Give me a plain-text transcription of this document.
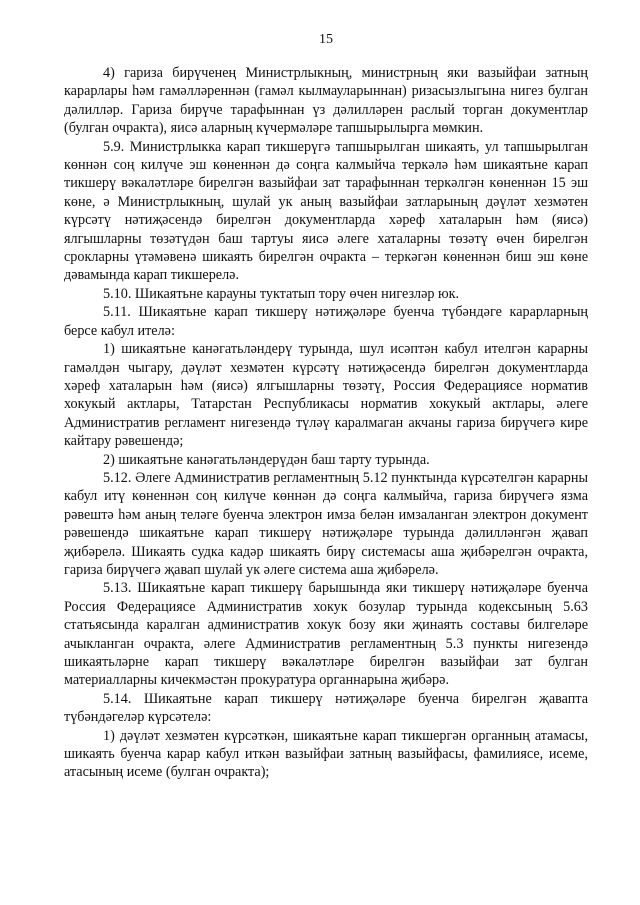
15

4) гариза бирүченең Министрлыкның, министрның яки вазыйфаи затның карарлары һәм гамәлләреннән (гамәл кылмауларыннан) ризасызлыгына нигез булган дәлилләр. Гариза бирүче тарафыннан үз дәлилләрен раслый торган документлар (булган очракта), яисә аларның күчермәләре тапшырылырга мөмкин.

5.9. Министрлыкка карап тикшерүгә тапшырылган шикаять, ул тапшырылган көннән соң килүче эш көненнән дә соңга калмыйча теркәлә һәм шикаятьне карап тикшерү вәкаләтләре бирелгән вазыйфаи зат тарафыннан теркәлгән көненнән 15 эш көне, ә Министрлыкның, шулай ук аның вазыйфаи затларының дәүләт хезмәтен күрсәтү нәтиҗәсендә бирелгән документларда хәреф хаталарын һәм (яисә) ялгышларны төзәтүдән баш тартуы яисә әлеге хаталарны төзәтү өчен бирелгән срокларны үтәмәвенә шикаять бирелгән очракта – теркәгән көненнән биш эш көне дәвамында карап тикшерелә.

5.10. Шикаятьне карауны туктатып тору өчен нигезләр юк.

5.11. Шикаятьне карап тикшерү нәтиҗәләре буенча түбәндәге карарларның берсе кабул ителә:

1) шикаятьне канәгатьләндерү турында, шул исәптән кабул ителгән карарны гамәлдән чыгару, дәүләт хезмәтен күрсәтү нәтиҗәсендә бирелгән документларда хәреф хаталарын һәм (яисә) ялгышларны төзәтү, Россия Федерациясе норматив хокукый актлары, Татарстан Республикасы норматив хокукый актлары, әлеге Административ регламент нигезендә түләү каралмаган акчаны гариза бирүчегә кире кайтару рәвешендә;

2) шикаятьне канәгатьләндерүдән баш тарту турында.

5.12. Әлеге Административ регламентның 5.12 пунктында күрсәтелгән карарны кабул итү көненнән соң килүче көннән дә соңга калмыйча, гариза бирүчегә язма рәвештә һәм аның теләге буенча электрон имза белән имзаланган электрон документ рәвешендә шикаятьне карап тикшерү нәтиҗәләре турында дәлилләнгән җавап җибәрелә. Шикаять судка кадәр шикаять бирү системасы аша җибәрелгән очракта, гариза бирүчегә җавап шулай ук әлеге система аша җибәрелә.

5.13. Шикаятьне карап тикшерү барышында яки тикшерү нәтиҗәләре буенча Россия Федерациясе Административ хокук бозулар турында кодексының 5.63 статьясында каралган административ хокук бозу яки җинаять составы билгеләре ачыкланган очракта, әлеге Административ регламентның 5.3 пункты нигезендә шикаятьләрне карап тикшерү вәкаләтләре бирелгән вазыйфаи зат булган материалларны кичекмәстән прокуратура органнарына җибәрә.

5.14. Шикаятьне карап тикшерү нәтиҗәләре буенча бирелгән җавапта түбәндәгеләр күрсәтелә:

1) дәүләт хезмәтен күрсәткән, шикаятьне карап тикшергән органның атамасы, шикаять буенча карар кабул иткән вазыйфаи затның вазыйфасы, фамилиясе, исеме, атасының исеме (булган очракта);
